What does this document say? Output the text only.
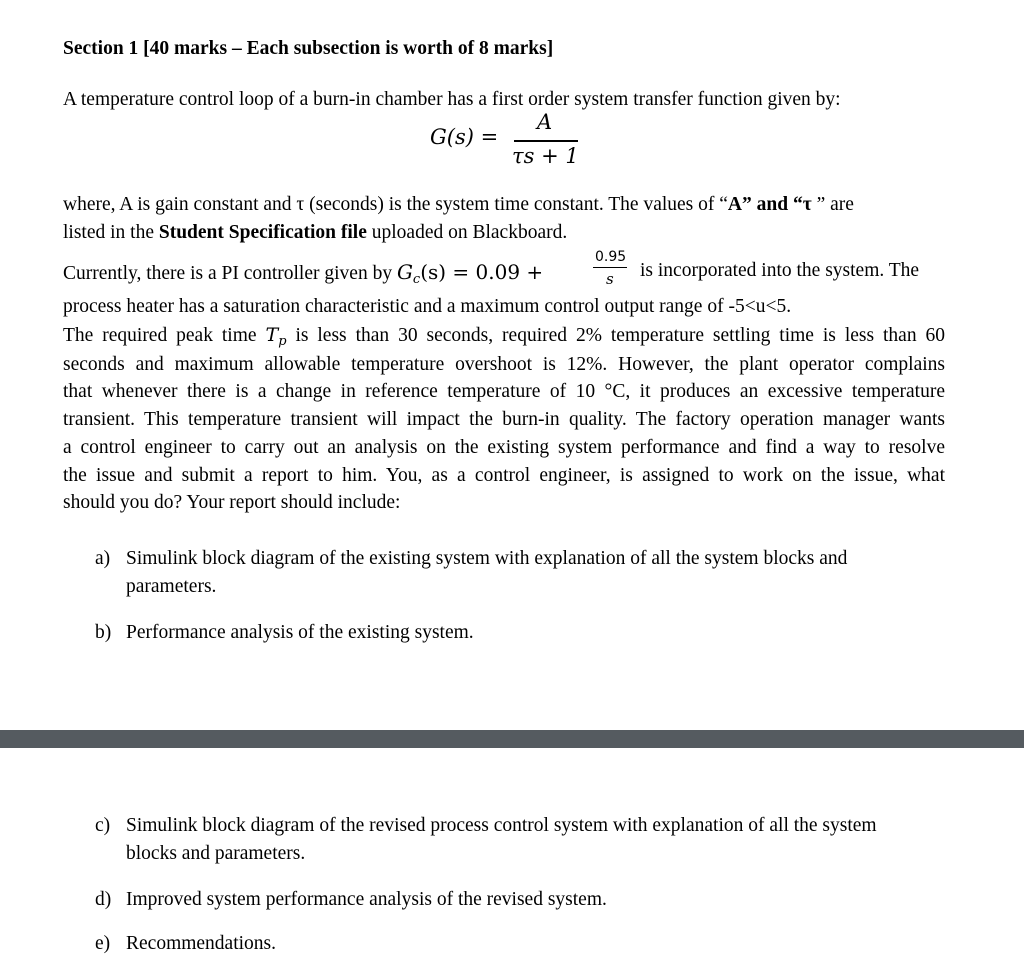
Section 1 [40 marks – Each subsection is worth of 8 marks]
A temperature control loop of a burn-in chamber has a first order system transfer function given by:
G(s) =
A
τs + 1
where, A is gain constant and τ (seconds) is the system time constant. The values of “A” and “τ ” are
listed in the Student Specification file uploaded on Blackboard.
Currently, there is a PI controller given by $G_c(s) = 0.09$ +
0.95
s is incorporated into the system. The
process heater has a saturation characteristic and a maximum control output range of -5<u<5.
The required peak time $T_p$ is less than 30 seconds, required 2% temperature settling time is less than 60
seconds and maximum allowable temperature overshoot is 12%. However, the plant operator complains
that whenever there is a change in reference temperature of 10 °C, it produces an excessive temperature
transient. This temperature transient will impact the burn-in quality. The factory operation manager wants
a control engineer to carry out an analysis on the existing system performance and find a way to resolve
the issue and submit a report to him. You, as a control engineer, is assigned to work on the issue, what
should you do? Your report should include:
a) Simulink block diagram of the existing system with explanation of all the system blocks and
parameters.
b) Performance analysis of the existing system.
c) Simulink block diagram of the revised process control system with explanation of all the system
blocks and parameters.
d) Improved system performance analysis of the revised system.
e) Recommendations.
